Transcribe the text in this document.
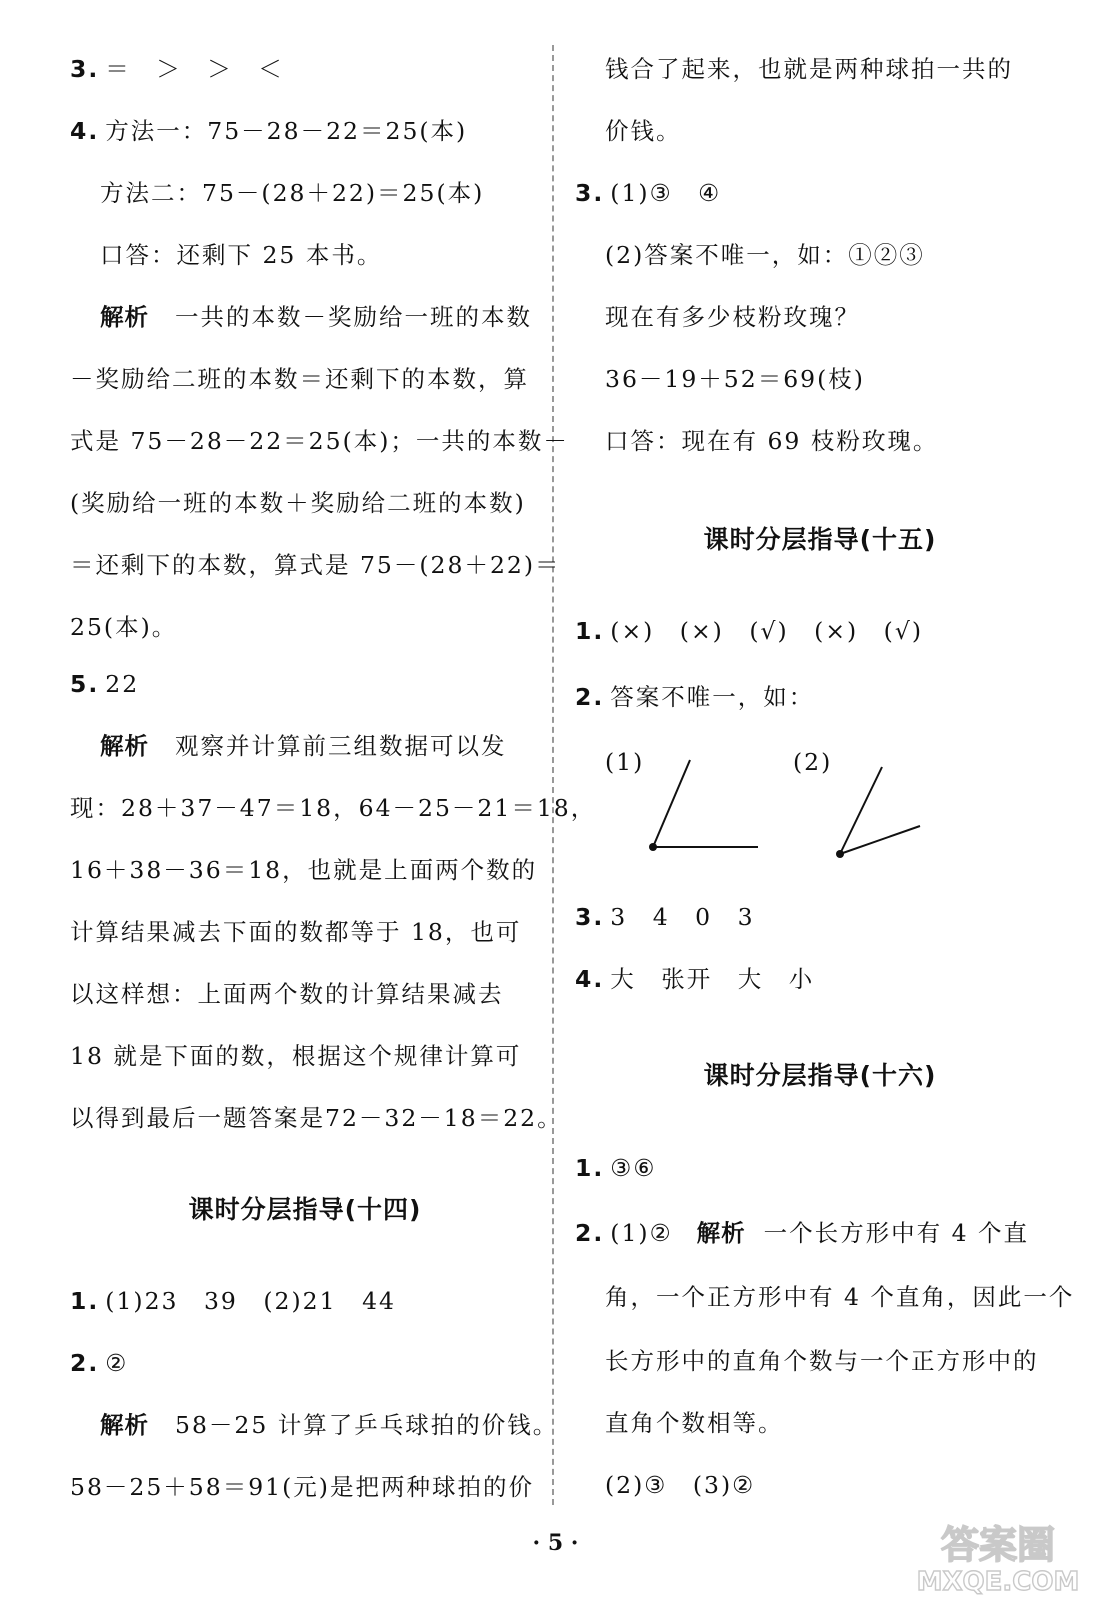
3. ＝　＞　＞　＜
4. 方法一：75－28－22＝25(本)
方法二：75－(28＋22)＝25(本)
口答：还剩下 25 本书。
解析 一共的本数－奖励给一班的本数
－奖励给二班的本数＝还剩下的本数，算
式是 75－28－22＝25(本)；一共的本数－
(奖励给一班的本数＋奖励给二班的本数)
＝还剩下的本数，算式是 75－(28＋22)＝
25(本)。
5. 22
解析 观察并计算前三组数据可以发
现：28＋37－47＝18，64－25－21＝18，
16＋38－36＝18，也就是上面两个数的
计算结果减去下面的数都等于 18，也可
以这样想：上面两个数的计算结果减去
18 就是下面的数，根据这个规律计算可
以得到最后一题答案是72－32－18＝22。
课时分层指导(十四)
1. (1)23　39　(2)21　44
2. ②
解析 58－25 计算了乒乓球拍的价钱。
58－25＋58＝91(元)是把两种球拍的价
钱合了起来，也就是两种球拍一共的
价钱。
3. (1)③　④
(2)答案不唯一，如：①②③
现在有多少枝粉玫瑰？
36－19＋52＝69(枝)
口答：现在有 69 枝粉玫瑰。
课时分层指导(十五)
1. (×)　(×)　(√)　(×)　(√)
2. 答案不唯一，如：
(1)	(2)
3. 3　4　0　3
4. 大　张开　大　小
课时分层指导(十六)
1. ③⑥
2. (1)② 解析 一个长方形中有 4 个直
角，一个正方形中有 4 个直角，因此一个
长方形中的直角个数与一个正方形中的
直角个数相等。
(2)③　(3)②
· 5 ·	答案圈
MXQE.COM
